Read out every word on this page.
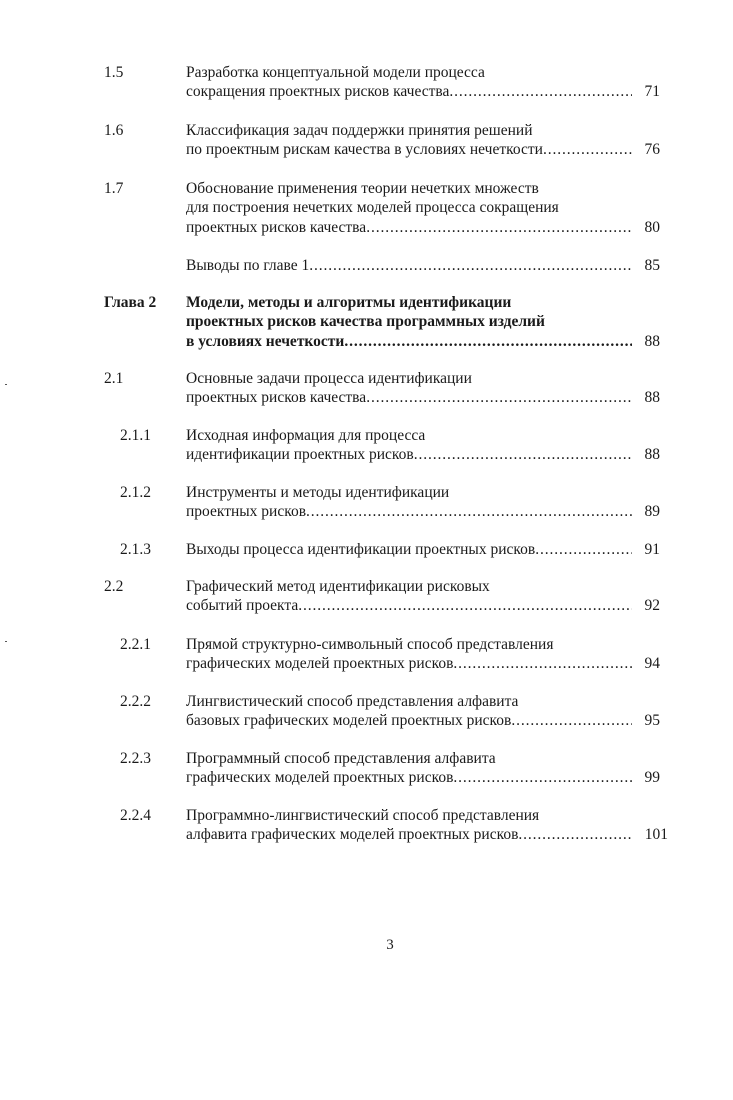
1.5	Разработка концептуальной модели процесса
сокращения проектных рисков качества . . .	71
1.6	Классификация задач поддержки принятия решений
по проектным рискам качества в условиях нечеткости . . .	76
1.7	Обоснование применения теории нечетких множеств
для построения нечетких моделей процесса сокращения
проектных рисков качества . . .	80
Выводы по главе 1 . . .	85
Глава 2 Модели, методы и алгоритмы идентификации
проектных рисков качества программных изделий
в условиях нечеткости . . .	88
2.1	Основные задачи процесса идентификации
проектных рисков качества . . .	88
2.1.1 Исходная информация для процесса
идентификации проектных рисков . . .	88
2.1.2 Инструменты и методы идентификации
проектных рисков . . .	89
2.1.3 Выходы процесса идентификации проектных рисков . . .	91
2.2	Графический метод идентификации рисковых
событий проекта . . .	92
2.2.1 Прямой структурно-символьный способ представления
графических моделей проектных рисков . . .	94
2.2.2 Лингвистический способ представления алфавита
базовых графических моделей проектных рисков . . .	95
2.2.3 Программный способ представления алфавита
графических моделей проектных рисков . . .	99
2.2.4 Программно-лингвистический способ представления
алфавита графических моделей проектных рисков . . .	101
3
